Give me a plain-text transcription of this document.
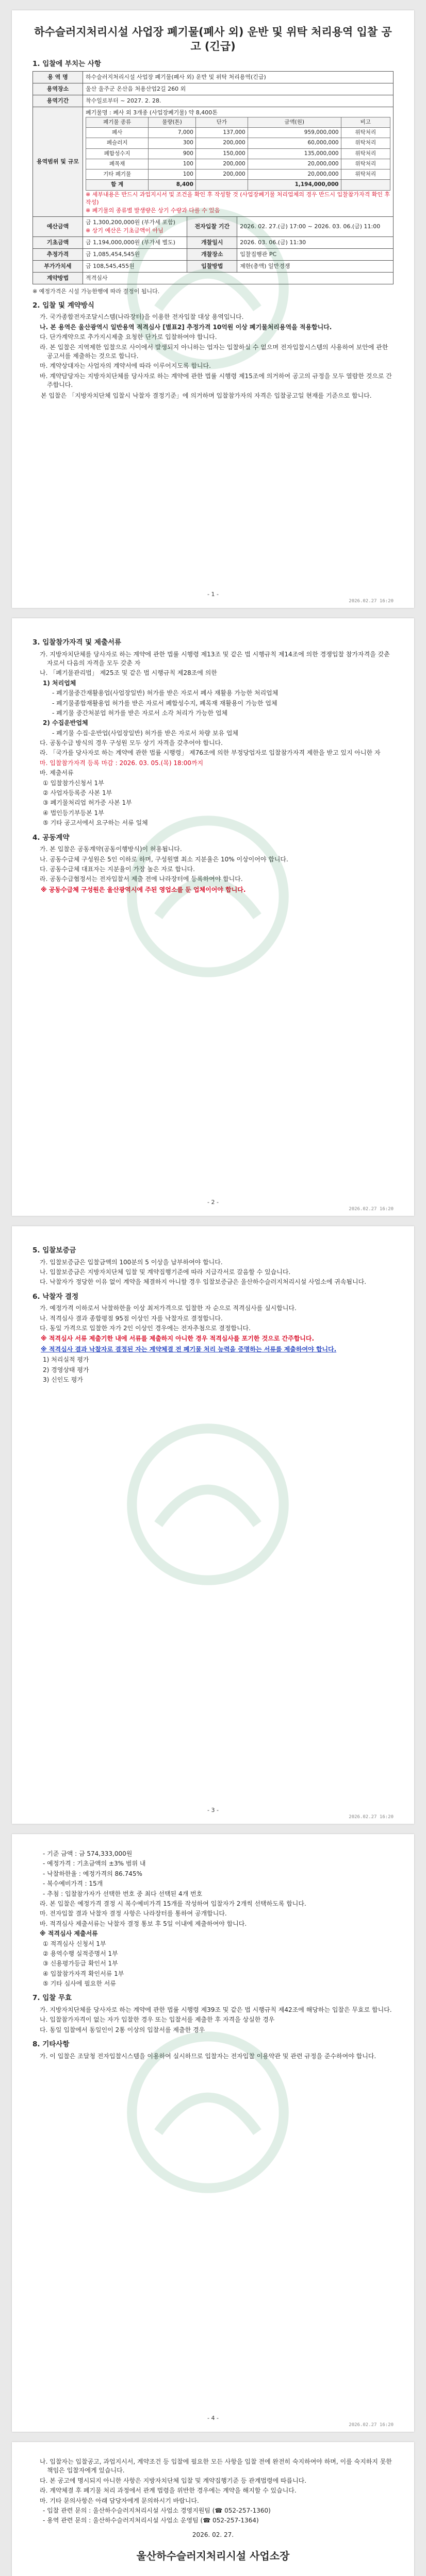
하수슬러지처리시설 사업장 폐기물(폐사 외) 운반 및 위탁 처리용역 입찰 공고 (긴급)
1. 입찰에 부치는 사항
용 역 명	하수슬러지처리시설 사업장 폐기물(폐사 외) 운반 및 위탁 처리용역(긴급)
용역장소	울산 울주군 온산읍 처용산업2길 260 외
용역기간	착수일로부터 ~ 2027. 2. 28.
용역범위 및 규모	
폐기물명 : 폐사 외 3개종 (사업장폐기물) 약 8,400톤
폐기물 종류	물량(톤)	단가	금액(원)	비고
폐사	7,000	137,000	959,000,000	위탁처리
폐슬러지	300	200,000	60,000,000	위탁처리
폐합성수지	900	150,000	135,000,000	위탁처리
폐목재	100	200,000	20,000,000	위탁처리
기타 폐기물	100	200,000	20,000,000	위탁처리
합 계	8,400		1,194,000,000	
※ 세부내용은 반드시 과업지시서 및 조건을 확인 후 작성할 것 (사업장폐기물 처리업체의 경우 반드시 입찰참가자격 확인 후 작성)
※ 폐기물의 종류별 발생량은 상기 수량과 다를 수 있음

예산금액	금 1,300,200,000원 (부가세 포함)
※ 상기 예산은 기초금액이 아님	전자입찰 기간	2026. 02. 27.(금) 17:00 ~ 2026. 03. 06.(금) 11:00
기초금액	금 1,194,000,000원 (부가세 별도)	개찰일시	2026. 03. 06.(금) 11:30
추정가격	금 1,085,454,545원	개찰장소	입찰집행관 PC
부가가치세	금 108,545,455원	입찰방법	제한(총액) 일반경쟁
계약방법	적격심사
※ 예정가격은 시설 가능한행에 따라 결정이 됩니다.
2. 입찰 및 계약방식
가. 국가종합전자조달시스템(나라장터)을 이용한 전자입찰 대상 용역입니다.
나. 본 용역은 울산광역시 일반용역 적격심사 [별표2] 추정가격 10억원 이상 폐기물처리용역을 적용합니다.
다. 단가계약으로 추가지시제출 요청한 단가로 입찰하여야 합니다.
라. 본 입찰은 지역제한 입찰으로 사이에서 발생되지 아니하는 업자는 입찰하실 수 없으며 전자입찰시스템의 사용하여 보안에 관한 공고서를 제출하는 것으로 합니다.
마. 계약상대자는 사업자의 계약서에 따라 이루어지도록 합니다.
바. 계약담당자는 지방자치단체를 당사자로 하는 계약에 관한 법률 시행령 제15조에 의거하여 공고의 규정을 모두 열람한 것으로 간주합니다.
본 입찰은 「지방자치단체 입찰시 낙찰자 결정기준」에 의거하며 입찰참가자의 자격은 입찰공고일 현재를 기준으로 합니다.
- 1 -
2026.02.27 16:20
3. 입찰참가자격 및 제출서류
가. 지방자치단체를 당사자로 하는 계약에 관한 법률 시행령 제13조 및 같은 법 시행규칙 제14조에 의한 경쟁입찰 참가자격을 갖춘 자로서 다음의 자격을 모두 갖춘 자
나. 「폐기물관리법」 제25조 및 같은 법 시행규칙 제28조에 의한
1) 처리업체
- 폐기물중간재활용업(사업장일반) 허가를 받은 자로서 폐사 재활용 가능한 처리업체
- 폐기물종합재활용업 허가를 받은 자로서 폐합성수지, 폐목재 재활용이 가능한 업체
- 폐기물 중간처분업 허가를 받은 자로서 소각 처리가 가능한 업체
2) 수집운반업체
- 폐기물 수집·운반업(사업장일반) 허가를 받은 자로서 차량 보유 업체
다. 공동수급 방식의 경우 구성원 모두 상기 자격을 갖추어야 합니다.
라. 「국가를 당사자로 하는 계약에 관한 법률 시행령」 제76조에 의한 부정당업자로 입찰참가자격 제한을 받고 있지 아니한 자
마. 입찰참가자격 등록 마감 : 2026. 03. 05.(목) 18:00까지
바. 제출서류
① 입찰참가신청서 1부
② 사업자등록증 사본 1부
③ 폐기물처리업 허가증 사본 1부
④ 법인등기부등본 1부
⑤ 기타 공고서에서 요구하는 서류 일체
4. 공동계약
가. 본 입찰은 공동계약(공동이행방식)이 허용됩니다.
나. 공동수급체 구성원은 5인 이하로 하며, 구성원별 최소 지분율은 10% 이상이어야 합니다.
다. 공동수급체 대표자는 지분율이 가장 높은 자로 합니다.
라. 공동수급협정서는 전자입찰서 제출 전에 나라장터에 등록하여야 합니다.
※ 공동수급체 구성원은 울산광역시에 주된 영업소를 둔 업체이어야 합니다.
- 2 -
2026.02.27 16:20
5. 입찰보증금
가. 입찰보증금은 입찰금액의 100분의 5 이상을 납부하여야 합니다.
나. 입찰보증금은 지방자치단체 입찰 및 계약집행기준에 따라 지급각서로 갈음할 수 있습니다.
다. 낙찰자가 정당한 이유 없이 계약을 체결하지 아니할 경우 입찰보증금은 울산하수슬러지처리시설 사업소에 귀속됩니다.
6. 낙찰자 결정
가. 예정가격 이하로서 낙찰하한율 이상 최저가격으로 입찰한 자 순으로 적격심사를 실시합니다.
나. 적격심사 결과 종합평점 95점 이상인 자를 낙찰자로 결정합니다.
다. 동일 가격으로 입찰한 자가 2인 이상인 경우에는 전자추첨으로 결정합니다.
※ 적격심사 서류 제출기한 내에 서류를 제출하지 아니한 경우 적격심사를 포기한 것으로 간주합니다.
※ 적격심사 결과 낙찰자로 결정된 자는 계약체결 전 폐기물 처리 능력을 증명하는 서류를 제출하여야 합니다.
1) 처리실적 평가
2) 경영상태 평가
3) 신인도 평가
- 3 -
2026.02.27 16:20
- 기준 금액 : 금 574,333,000원
- 예정가격 : 기초금액의 ±3% 범위 내
- 낙찰하한율 : 예정가격의 86.745%
- 복수예비가격 : 15개
- 추첨 : 입찰참가자가 선택한 번호 중 최다 선택된 4개 번호
라. 본 입찰은 예정가격 결정 시 복수예비가격 15개를 작성하여 입찰자가 2개씩 선택하도록 합니다.
마. 전자입찰 결과 낙찰자 결정 사항은 나라장터를 통하여 공개합니다.
바. 적격심사 제출서류는 낙찰자 결정 통보 후 5일 이내에 제출하여야 합니다.
※ 적격심사 제출서류
① 적격심사 신청서 1부
② 용역수행 실적증명서 1부
③ 신용평가등급 확인서 1부
④ 입찰참가자격 확인서류 1부
⑤ 기타 심사에 필요한 서류
7. 입찰 무효
가. 지방자치단체를 당사자로 하는 계약에 관한 법률 시행령 제39조 및 같은 법 시행규칙 제42조에 해당하는 입찰은 무효로 합니다.
나. 입찰참가자격이 없는 자가 입찰한 경우 또는 입찰서를 제출한 후 자격을 상실한 경우
다. 동일 입찰에서 동일인이 2통 이상의 입찰서를 제출한 경우
8. 기타사항
가. 이 입찰은 조달청 전자입찰시스템을 이용하여 실시하므로 입찰자는 전자입찰 이용약관 및 관련 규정을 준수하여야 합니다.
- 4 -
2026.02.27 16:20
나. 입찰자는 입찰공고, 과업지시서, 계약조건 등 입찰에 필요한 모든 사항을 입찰 전에 완전히 숙지하여야 하며, 이를 숙지하지 못한 책임은 입찰자에게 있습니다.
다. 본 공고에 명시되지 아니한 사항은 지방자치단체 입찰 및 계약집행기준 등 관계법령에 따릅니다.
라. 계약체결 후 폐기물 처리 과정에서 관계 법령을 위반한 경우에는 계약을 해지할 수 있습니다.
마. 기타 문의사항은 아래 담당자에게 문의하시기 바랍니다.
- 입찰 관련 문의 : 울산하수슬러지처리시설 사업소 경영지원팀 (☎ 052-257-1360)
- 용역 관련 문의 : 울산하수슬러지처리시설 사업소 운영팀 (☎ 052-257-1364)
2026. 02. 27.
울산하수슬러지처리시설 사업소장
